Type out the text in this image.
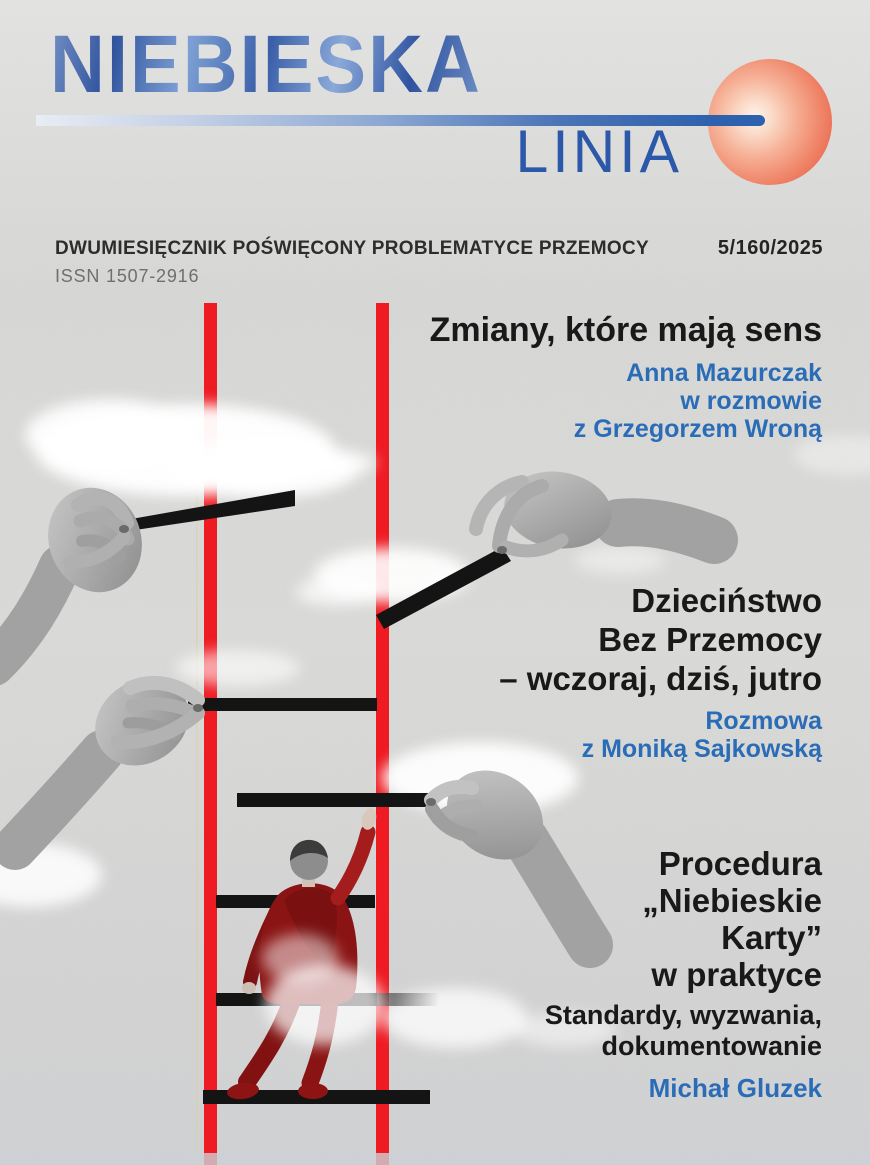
NIEBIESKA
LINIA
DWUMIESIĘCZNIK POŚWIĘCONY PROBLEMATYCE PRZEMOCY	5/160/2025
ISSN 1507-2916
Zmiany, które mają sens
Anna Mazurczak
w rozmowie
z Grzegorzem Wroną
Dzieciństwo
Bez Przemocy
– wczoraj, dziś, jutro
Rozmowa
z Moniką Sajkowską
Procedura
„Niebieskie
Karty”
w praktyce
Standardy, wyzwania,
dokumentowanie
Michał Gluzek
